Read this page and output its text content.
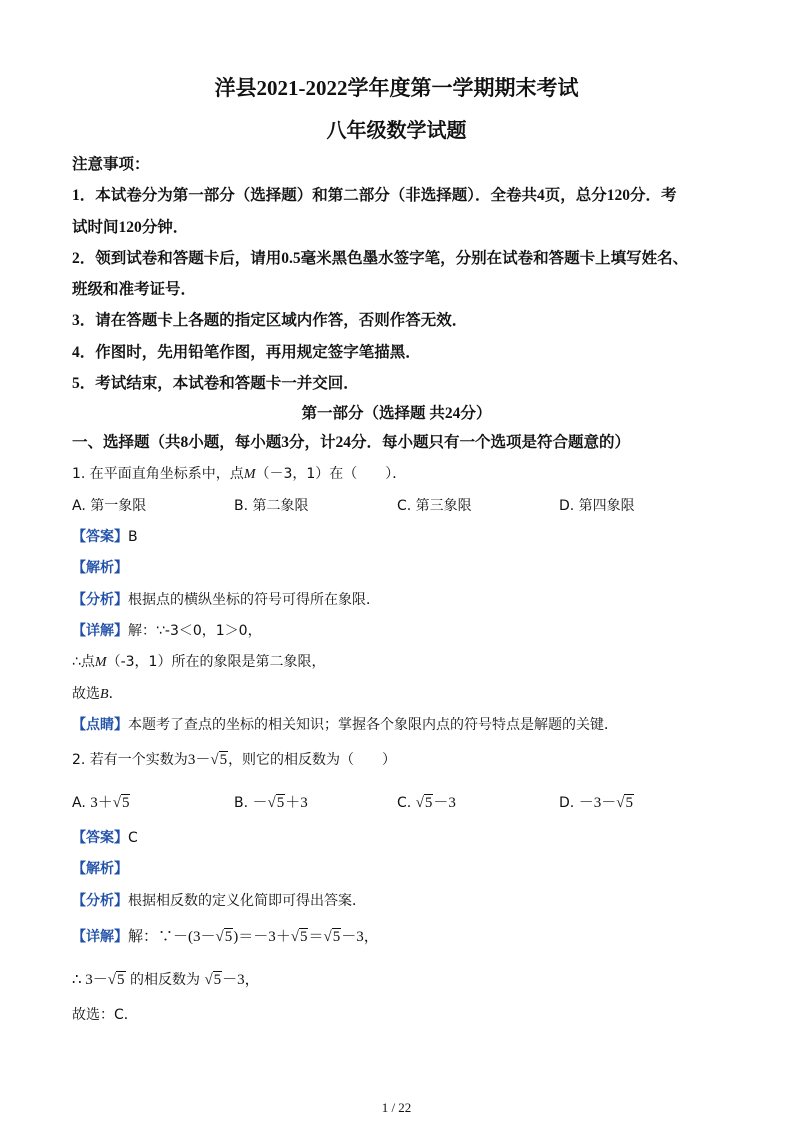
洋县2021-2022学年度第一学期期末考试
八年级数学试题
注意事项：
1．本试卷分为第一部分（选择题）和第二部分（非选择题）．全卷共4页，总分120分．考
试时间120分钟．
2．领到试卷和答题卡后，请用0.5毫米黑色墨水签字笔，分别在试卷和答题卡上填写姓名、
班级和准考证号．
3．请在答题卡上各题的指定区域内作答，否则作答无效．
4．作图时，先用铅笔作图，再用规定签字笔描黑．
5．考试结束，本试卷和答题卡一并交回．
第一部分（选择题 共24分）
一、选择题（共8小题，每小题3分，计24分．每小题只有一个选项是符合题意的）
1. 在平面直角坐标系中，点M（－3，1）在（　　）．
A. 第一象限	B. 第二象限	C. 第三象限	D. 第四象限
【答案】B
【解析】
【分析】根据点的横纵坐标的符号可得所在象限．
【详解】解：∵-3＜0，1＞0，
∴点M（-3，1）所在的象限是第二象限，
故选B．
【点睛】本题考了查点的坐标的相关知识；掌握各个象限内点的符号特点是解题的关键．
2. 若有一个实数为3－√5，则它的相反数为（　　）
A. 3＋√5	B. －√5＋3	C. √5－3	D. －3－√5
【答案】C
【解析】
【分析】根据相反数的定义化简即可得出答案．
【详解】解：∵－(3－√5)＝－3＋√5＝√5－3，
∴ 3－√5 的相反数为 √5－3，
故选：C．
1 / 22
